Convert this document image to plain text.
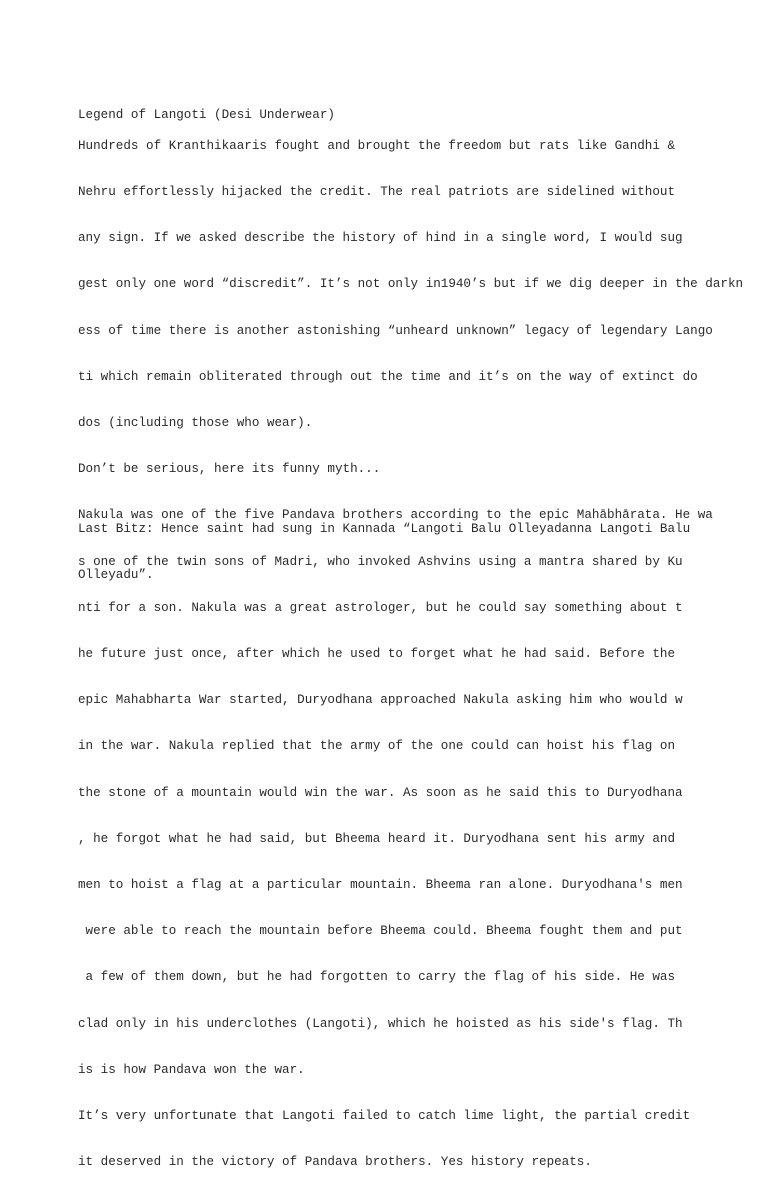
Legend of Langoti (Desi Underwear)

Hundreds of Kranthikaaris fought and brought the freedom but rats like Gandhi &

Nehru effortlessly hijacked the credit. The real patriots are sidelined without

any sign. If we asked describe the history of hind in a single word, I would sug

gest only one word “discredit”. It’s not only in1940’s but if we dig deeper in the darkn

ess of time there is another astonishing “unheard unknown” legacy of legendary Lango

ti which remain obliterated through out the time and it’s on the way of extinct do

dos (including those who wear).

Don’t be serious, here its funny myth...

Nakula was one of the five Pandava brothers according to the epic Mahābhārata. He wa

s one of the twin sons of Madri, who invoked Ashvins using a mantra shared by Ku

nti for a son. Nakula was a great astrologer, but he could say something about t

he future just once, after which he used to forget what he had said. Before the

epic Mahabharta War started, Duryodhana approached Nakula asking him who would w

in the war. Nakula replied that the army of the one could can hoist his flag on

the stone of a mountain would win the war. As soon as he said this to Duryodhana

, he forgot what he had said, but Bheema heard it. Duryodhana sent his army and

men to hoist a flag at a particular mountain. Bheema ran alone. Duryodhana's men

were able to reach the mountain before Bheema could. Bheema fought them and put

a few of them down, but he had forgotten to carry the flag of his side. He was

clad only in his underclothes (Langoti), which he hoisted as his side's flag. Th

is is how Pandava won the war.

It’s very unfortunate that Langoti failed to catch lime light, the partial credit

it deserved in the victory of Pandava brothers. Yes history repeats.

Last Bitz: Hence saint had sung in Kannada “Langoti Balu Olleyadanna Langoti Balu

Olleyadu”.
